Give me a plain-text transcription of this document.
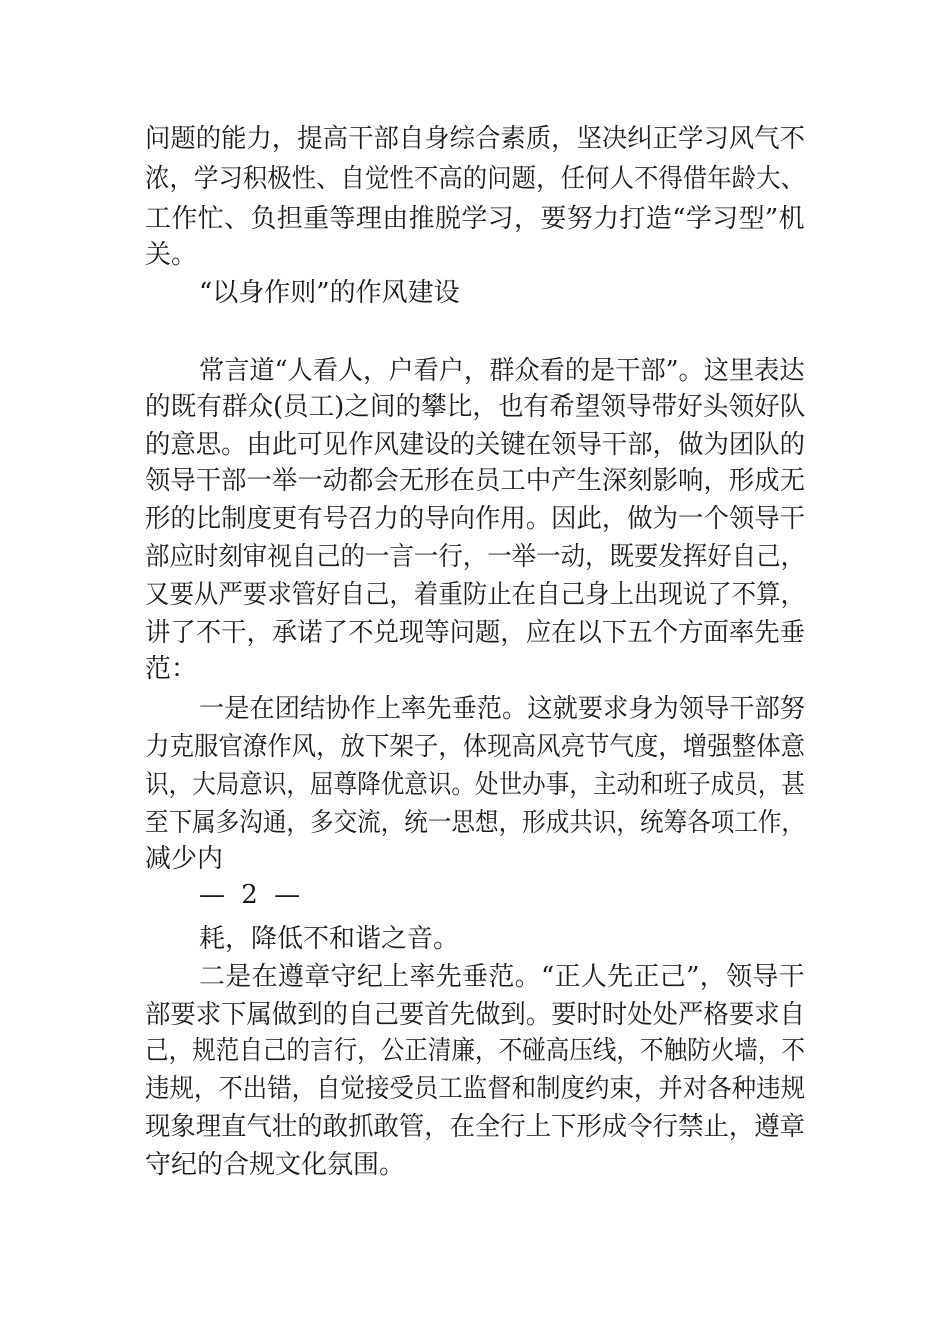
问题的能力，提高干部自身综合素质，坚决纠正学习风气不
浓，学习积极性、自觉性不高的问题，任何人不得借年龄大、
工作忙、负担重等理由推脱学习，要努力打造“学习型”机
关。
“以身作则”的作风建设
常言道“人看人，户看户，群众看的是干部”。这里表达
的既有群众(员工)之间的攀比，也有希望领导带好头领好队
的意思。由此可见作风建设的关键在领导干部，做为团队的
领导干部一举一动都会无形在员工中产生深刻影响，形成无
形的比制度更有号召力的导向作用。因此，做为一个领导干
部应时刻审视自己的一言一行，一举一动，既要发挥好自己，
又要从严要求管好自己，着重防止在自己身上出现说了不算，
讲了不干，承诺了不兑现等问题，应在以下五个方面率先垂
范：
一是在团结协作上率先垂范。这就要求身为领导干部努
力克服官潦作风，放下架子，体现高风亮节气度，增强整体意
识，大局意识，屈尊降优意识。处世办事，主动和班子成员，甚
至下属多沟通，多交流，统一思想，形成共识，统筹各项工作，
减少内
— 2 —
耗，降低不和谐之音。
二是在遵章守纪上率先垂范。“正人先正己”，领导干
部要求下属做到的自己要首先做到。要时时处处严格要求自
己，规范自己的言行，公正清廉，不碰高压线，不触防火墙，不
违规，不出错，自觉接受员工监督和制度约束，并对各种违规
现象理直气壮的敢抓敢管，在全行上下形成令行禁止，遵章
守纪的合规文化氛围。
